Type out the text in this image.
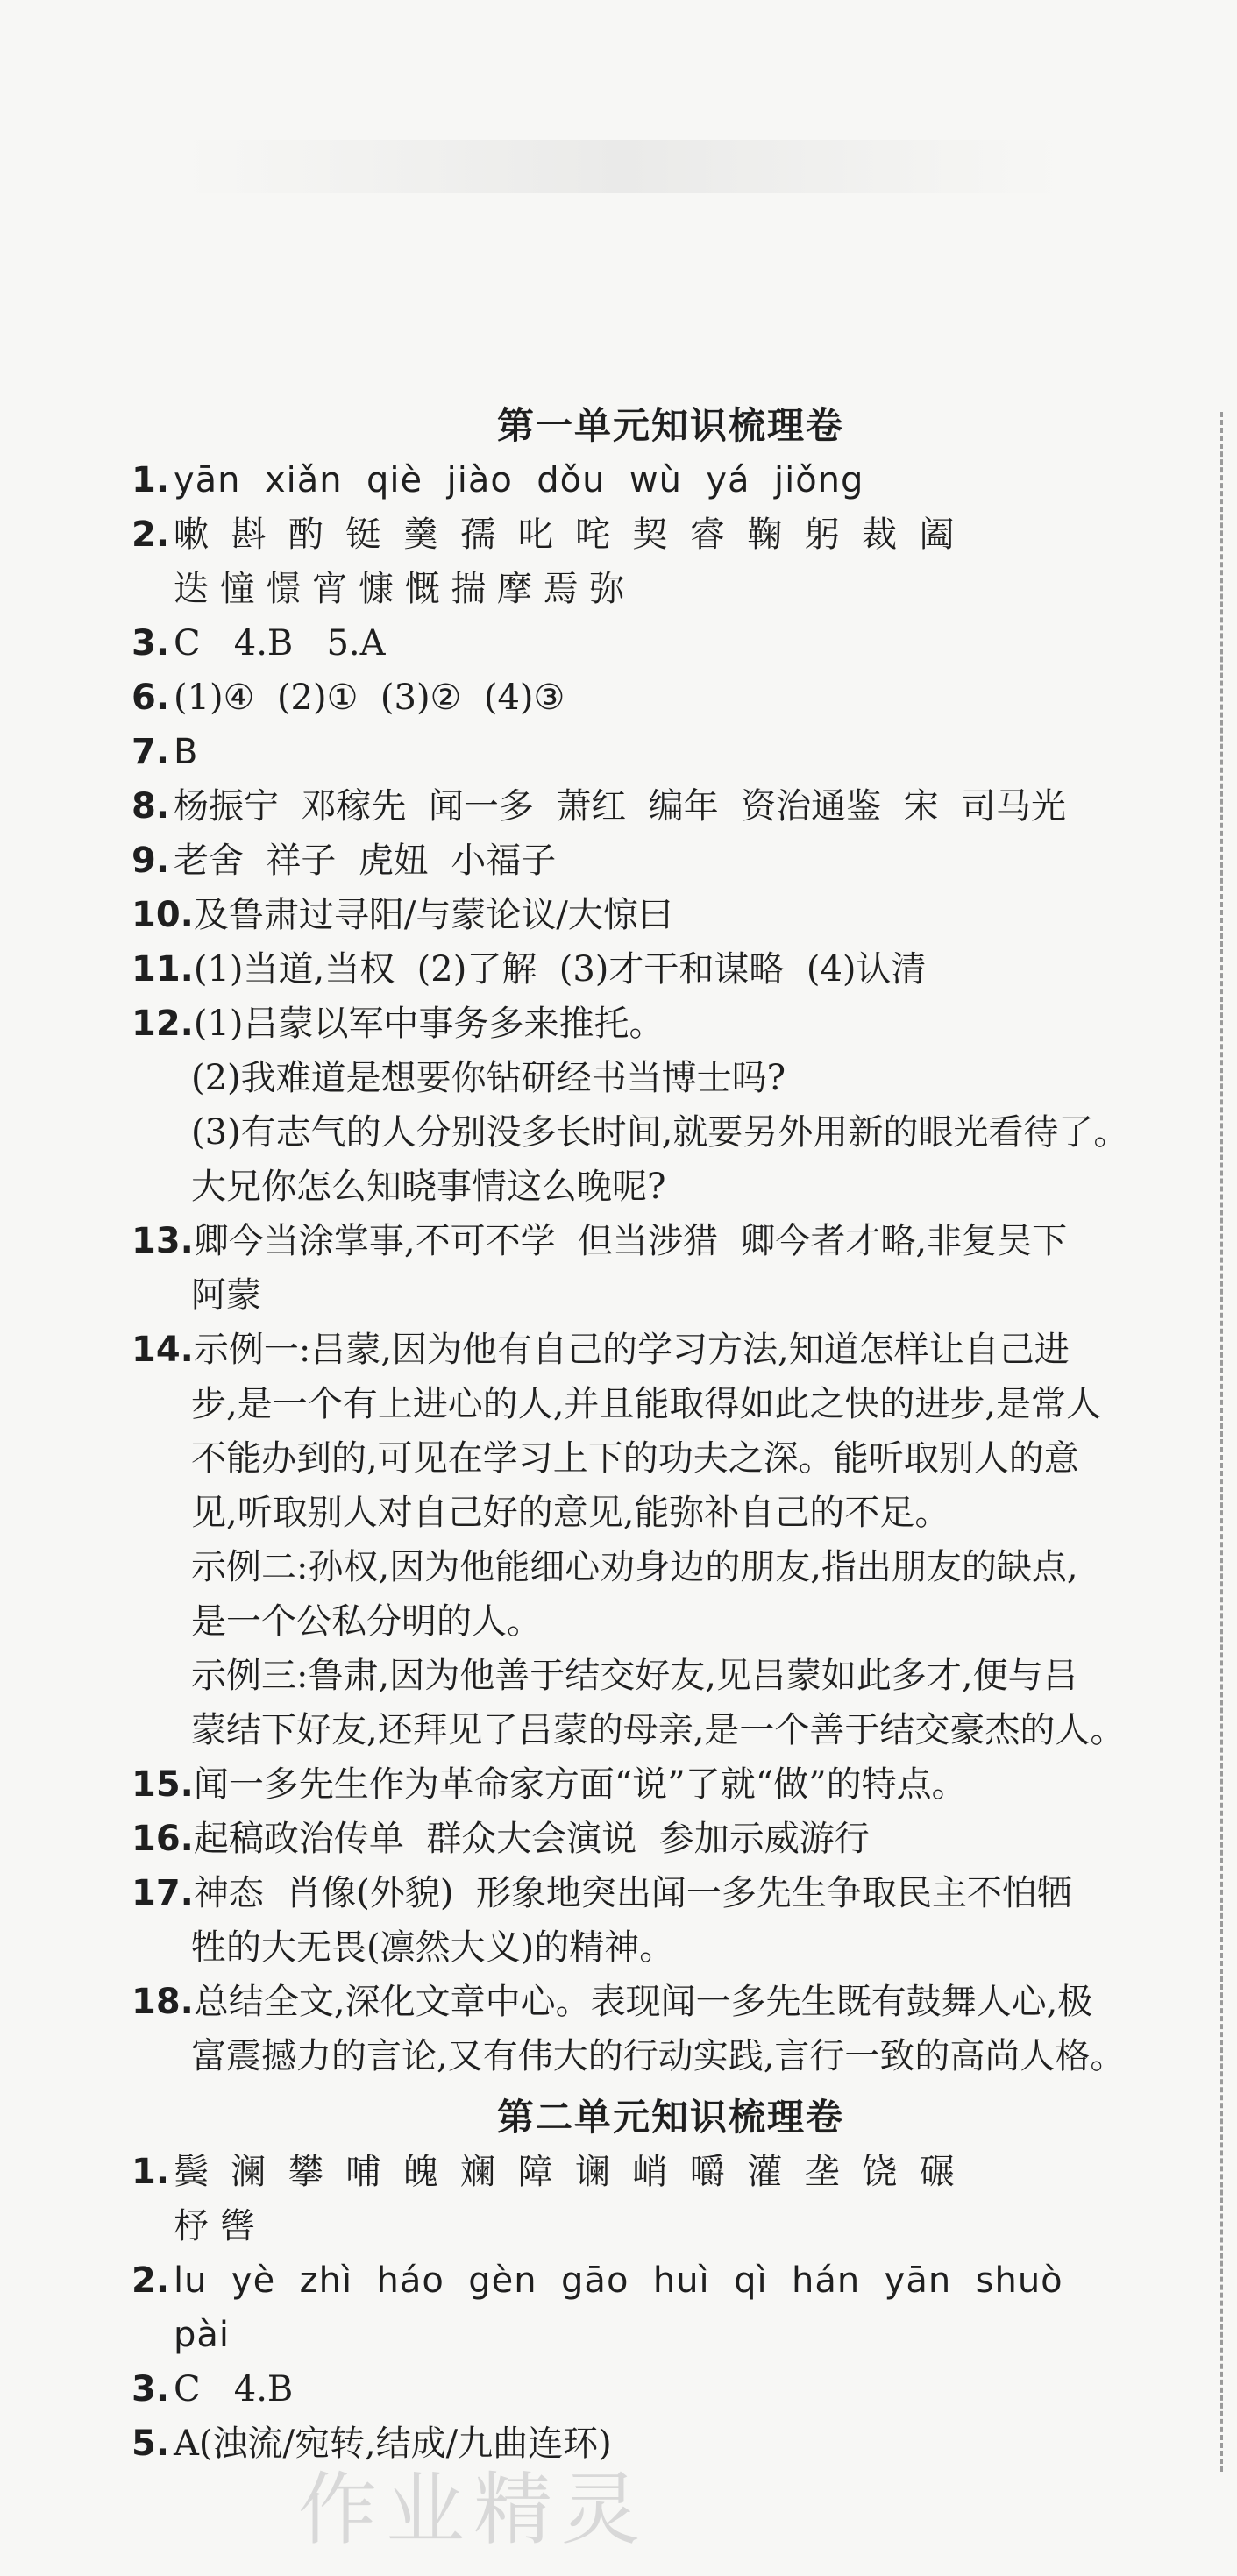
第一单元知识梳理卷
1. yān  xiǎn  qiè  jiào  dǒu  wù  yá  jiǒng
2. 嗽  斟  酌  铤  羹  孺  叱  咤  契  睿  鞠  躬  裁  阖
迭 憧 憬 宵 慷 慨 揣 摩 焉 弥
3. C   4.B   5.A
6. (1)④  (2)①  (3)②  (4)③
7. B
8. 杨振宁  邓稼先  闻一多  萧红  编年  资治通鉴  宋  司马光
9. 老舍  祥子  虎妞  小福子
10. 及鲁肃过寻阳/与蒙论议/大惊曰
11. (1)当道,当权  (2)了解  (3)才干和谋略  (4)认清
12. (1)吕蒙以军中事务多来推托。
(2)我难道是想要你钻研经书当博士吗?
(3)有志气的人分别没多长时间,就要另外用新的眼光看待了。
大兄你怎么知晓事情这么晚呢?
13. 卿今当涂掌事,不可不学  但当涉猎  卿今者才略,非复吴下
阿蒙
14. 示例一:吕蒙,因为他有自己的学习方法,知道怎样让自己进
步,是一个有上进心的人,并且能取得如此之快的进步,是常人
不能办到的,可见在学习上下的功夫之深。能听取别人的意
见,听取别人对自己好的意见,能弥补自己的不足。
示例二:孙权,因为他能细心劝身边的朋友,指出朋友的缺点,
是一个公私分明的人。
示例三:鲁肃,因为他善于结交好友,见吕蒙如此多才,便与吕
蒙结下好友,还拜见了吕蒙的母亲,是一个善于结交豪杰的人。
15. 闻一多先生作为革命家方面“说”了就“做”的特点。
16. 起稿政治传单  群众大会演说  参加示威游行
17. 神态  肖像(外貌)  形象地突出闻一多先生争取民主不怕牺
牲的大无畏(凛然大义)的精神。
18. 总结全文,深化文章中心。表现闻一多先生既有鼓舞人心,极
富震撼力的言论,又有伟大的行动实践,言行一致的高尚人格。
第二单元知识梳理卷
1. 鬓  澜  攀  哺  魄  斓  障  谰  峭  嚼  灌  垄  饶  碾
杼 辔
2. lu  yè  zhì  háo  gèn  gāo  huì  qì  hán  yān  shuò
pài
3. C   4.B
5. A(浊流/宛转,结成/九曲连环)
作业精灵
